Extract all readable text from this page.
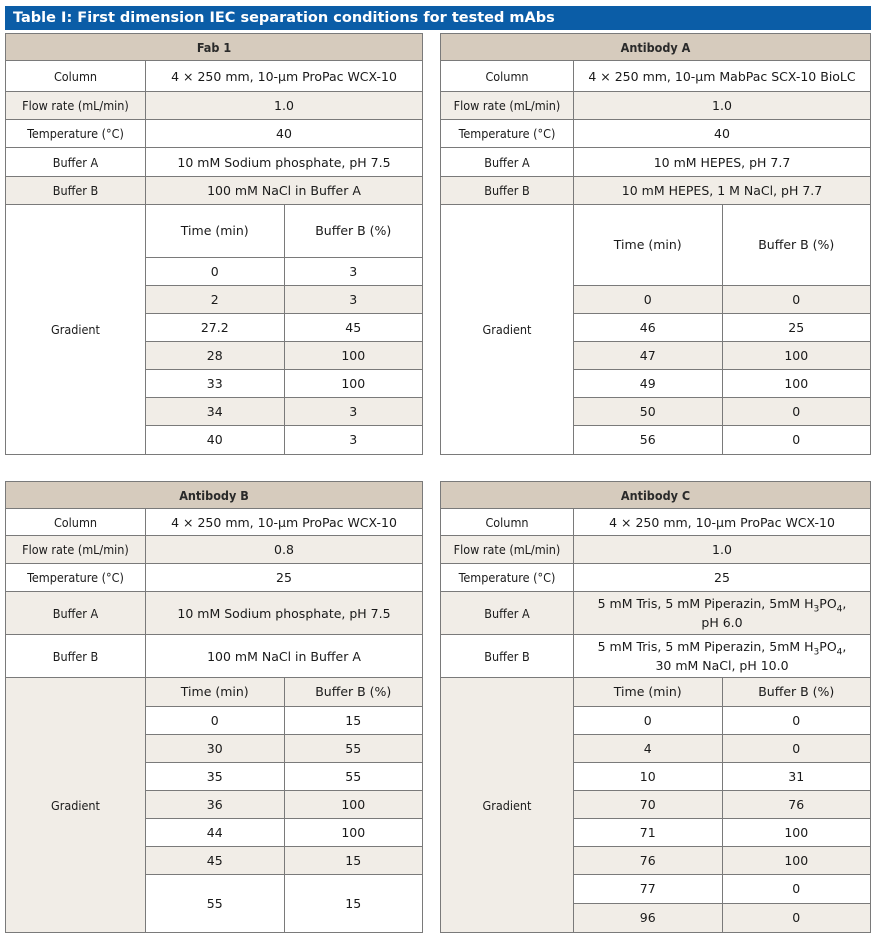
Table I: First dimension IEC separation conditions for tested mAbs
Fab 1
Column	4 × 250 mm, 10-µm ProPac WCX-10
Flow rate (mL/min)	1.0
Temperature (°C)	40
Buffer A	10 mM Sodium phosphate, pH 7.5
Buffer B	100 mM NaCl in Buffer A
Gradient	
Time (min)	Buffer B (%)
0	3
2	3
27.2	45
28	100
33	100
34	3
40	3
Antibody A
Column	4 × 250 mm, 10-µm MabPac SCX-10 BioLC
Flow rate (mL/min)	1.0
Temperature (°C)	40
Buffer A	10 mM HEPES, pH 7.7
Buffer B	10 mM HEPES, 1 M NaCl, pH 7.7
Gradient	
Time (min)	Buffer B (%)
0	0
46	25
47	100
49	100
50	0
56	0
Antibody B
Column	4 × 250 mm, 10-µm ProPac WCX-10
Flow rate (mL/min)	0.8
Temperature (°C)	25
Buffer A	10 mM Sodium phosphate, pH 7.5
Buffer B	100 mM NaCl in Buffer A
Gradient	
Time (min)	Buffer B (%)
0	15
30	55
35	55
36	100
44	100
45	15
55	15
Antibody C
Column	4 × 250 mm, 10-µm ProPac WCX-10
Flow rate (mL/min)	1.0
Temperature (°C)	25
Buffer A	
5 mM Tris, 5 mM Piperazin, 5mM $H_3PO_4$,
pH 6.0

Buffer B	
5 mM Tris, 5 mM Piperazin, 5mM $H_3PO_4$,
30 mM NaCl, pH 10.0

Gradient	
Time (min)	Buffer B (%)
0	0
4	0
10	31
70	76
71	100
76	100
77	0
96	0
